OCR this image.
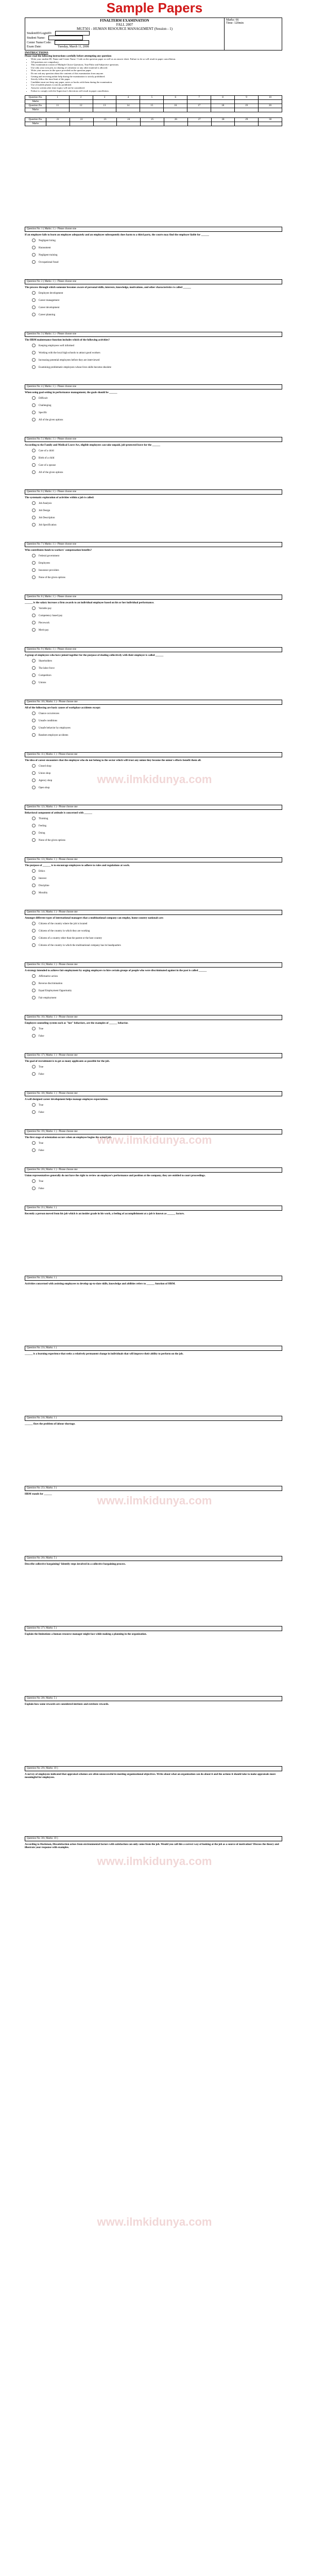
Sample Papers
FINALTERM EXAMINATION
FALL 2007
MGT501 - HUMAN RESOURCE MANAGEMENT (Session - 1)
StudentID/LoginID:
Student Name:
Center Name/Code:
Exam Date:	Tuesday, March 11, 2008

Marks: 66
Time: 120min
INSTRUCTIONS
Please read the following instructions carefully before attempting any question:
• Write your student ID, Name and Center Name / Code on the question paper as well as on answer sheet. Failure to do so will result in paper cancellation.
• All questions are compulsory.
• This examination consist of Multiple Choice Questions, True/False and Subjective questions.
• Use only your own pen, no sharing of calculator or any other material is allowed.
• Write your answers in the space provided on the question paper.
• Do not ask any question about the contents of this examination from anyone.
• Getting and receiving unfair help during the examination is strictly prohibited.
• Strictly follow the time limit of the paper.
• Candidate must not keep any paper, notes or books with them during the examination.
• Use of mobile phones is strictly prohibited.
• Answers written after time expiry will not be considered.
• Failure to comply with the Supervisor's directions will result in paper cancellation.
Question No.	1	2	3	4	5	6	7	8	9	10
Marks										
Question No.	11	12	13	14	15	16	17	18	19	20
Marks										
Question No.	21	22	23	24	25	26	27	28	29	30
Marks										
Question No: 1 ( Marks: 1 ) - Please choose one
If an employee fails to learn an employee adequately and an employee subsequently does harm to a third party, the courts may find the employer liable for ______
Negligent hiring
Harassment
Negligent training
Occupational fraud
Question No: 2 ( Marks: 1 ) - Please choose one
The process through which someone becomes aware of personal skills, interests, knowledge, motivations, and other characteristics is called ______
Employee development
Career management
Career development
Career planning
Question No: 3 ( Marks: 1 ) - Please choose one
The HRM maintenance function includes which of the following activities?
Keeping employees well informed
Working with the local high schools to attract good workers
Increasing potential employees before they are interviewed
Examining problematic employees whose lives skills become obsolete
Question No: 4 ( Marks: 1 ) - Please choose one
When using goal setting in performance management, the goals should be ______
Difficult
Challenging
Specific
All of the given options
Question No: 5 ( Marks: 1 ) - Please choose one
According to the Family and Medical Leave Act, eligible employees can take unpaid, job-protected leave for the ______
Care of a child
Birth of a child
Care of a spouse
All of the given options
Question No: 6 ( Marks: 1 ) - Please choose one
The systematic exploration of activities within a job is called:
Job Analysis
Job Design
Job Description
Job Specification
Question No: 7 ( Marks: 1 ) - Please choose one
Who contributes funds to workers' compensation benefits?
Federal government
Employees
Insurance providers
None of the given options
Question No: 8 ( Marks: 1 ) - Please choose one
______ is the salary increase a firm awards to an individual employee based on his or her individual performance.
Variable pay
Competency based pay
Piecework
Merit pay
Question No: 9 ( Marks: 1 ) - Please choose one
A group of employees who have joined together for the purpose of dealing collectively with their employer is called ______
Shareholders
The labor force
Competitors
Unions
Question No: 10 ( Marks: 1 ) - Please choose one
All of the following are basic causes of workplace accidents except:
Chance occurrences
Unsafe conditions
Unsafe behavior by employees
Random employee accidents
Question No: 11 ( Marks: 1 ) - Please choose one
The idea of career encounters that the employee who do not belong to the sector which will trust any union they become the union's efforts benefit them all.
Closed shop
Union shop
Agency shop
Open shop
Question No: 12 ( Marks: 1 ) - Please choose one
Behavioral component of attitude is concerned with ______
Thinking
Feeling
Doing
None of the given options
Question No: 13 ( Marks: 1 ) - Please choose one
The purpose of ______ is to encourage employees to adhere to rules and regulations at work.
Ethics
Interest
Discipline
Morality
Question No: 14 ( Marks: 1 ) - Please choose one
Amongst different types of international managers that a multinational company can employ, home country nationals are:
Citizens of the country where the job is located
Citizens of the country in which they are working
Citizens of a country other than the parent or the host country
Citizens of the country in which the multinational company has its headquarters
Question No: 15 ( Marks: 1 ) - Please choose one
A strategy intended to achieve fair employment by urging employers to hire certain groups of people who were discriminated against in the past is called ______
Affirmative action
Reverse discrimination
Equal Employment Opportunity
Fair employment
Question No: 16 ( Marks: 1 ) - Please choose one
Employee counseling system such as "hot" behaviors, are the examples of ______ behavior.
True
False
Question No: 17 ( Marks: 1 ) - Please choose one
The goal of recruitment is to get as many applicants as possible for the job.
True
False
Question No: 18 ( Marks: 1 ) - Please choose one
A well designed career development helps manage employee expectations.
True
False
Question No: 19 ( Marks: 1 ) - Please choose one
The first stage of orientation occurs when an employee begins the actual job.
True
False
Question No: 20 ( Marks: 1 ) - Please choose one
Union representatives generally do not have the right to review an employee's performance and position at the company, they are entitled to court proceedings.
True
False
Question No: 21 ( Marks: 1 )
Recently a person moved from his job which is an insider grade in his work, a feeling of accomplishment at a job is known as ______ factors.
Question No: 22 ( Marks: 1 )
Activities concerned with assisting employees to develop up-to-date skills, knowledge and abilities refers to ______ function of HRM.
Question No: 23 ( Marks: 1 )
______ is a learning experience that seeks a relatively permanent change in individuals that will improve their ability to perform on the job.
Question No: 24 ( Marks: 1 )
______ fixes the problem of labour shortage.
Question No: 25 ( Marks: 3 )
HRM stands for ______
Question No: 26 ( Marks: 5 )
Describe collective bargaining? Identify steps involved in a collective bargaining process.
Question No: 27 ( Marks: 5 )
Explain the limitations a human resource manager might face while making a planning in the organization.
Question No: 28 ( Marks: 5 )
Explain how some rewards are considered intrinsic and extrinsic rewards.
Question No: 29 ( Marks: 10 )
A survey of employees indicated that appraisal schemes are often unsuccessful in meeting organizational objectives. Write about what an organization can do about it and the actions it should take to make appraisals more meaningful for employees.
Question No: 30 ( Marks: 10 )
According to Hackman, Dissatisfaction arises from environmental factors with satisfaction can only come from the job. Would you call this a correct way of looking at the job as a source of motivation? Discuss the theory and illustrate your response with examples.
www.ilmkidunya.com
www.ilmkidunya.com
www.ilmkidunya.com
www.ilmkidunya.com
www.ilmkidunya.com
